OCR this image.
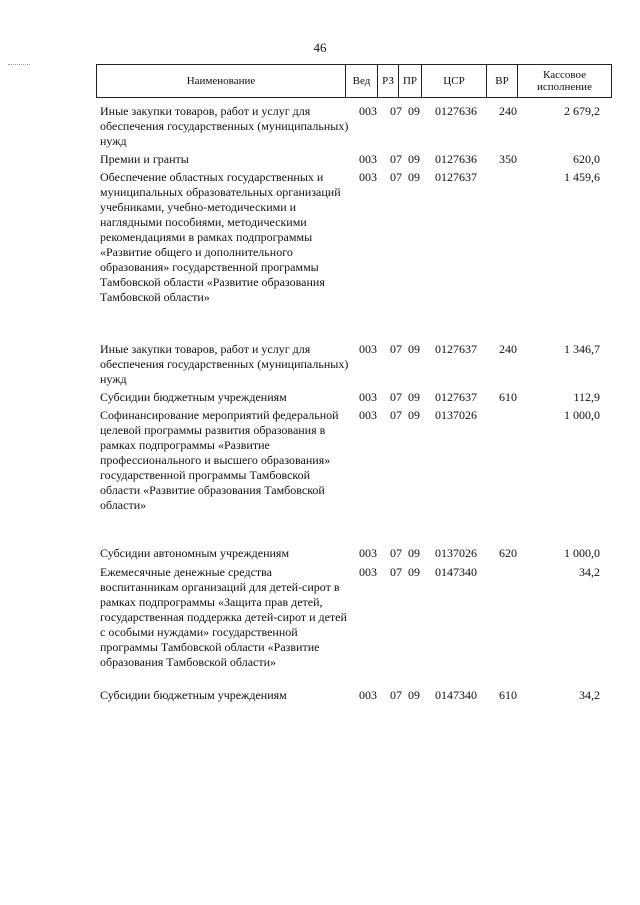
46
Наименование	Вед	РЗ ПР	ЦСР	ВР	Кассовое исполнение
Иные закупки товаров, работ и услуг для обеспечения государственных (муниципальных) нужд
003 07 09 0127636 240	2 679,2
Премии и гранты	003 07 09 0127636 350	620,0
Обеспечение областных государственных и муниципальных образовательных организаций учебниками, учебно-методическими и наглядными пособиями, методическими рекомендациями в рамках подпрограммы «Развитие общего и дополнительного образования» государственной программы Тамбовской области «Развитие образования Тамбовской области»
003 07 09 0127637	1 459,6
Иные закупки товаров, работ и услуг для обеспечения государственных (муниципальных) нужд
003 07 09 0127637 240	1 346,7
Субсидии бюджетным учреждениям	003 07 09 0127637 610	112,9
Софинансирование мероприятий федеральной целевой программы развития образования в рамках подпрограммы «Развитие профессионального и высшего образования» государственной программы Тамбовской области «Развитие образования Тамбовской области»
003 07 09 0137026	1 000,0
Субсидии автономным учреждениям	003 07 09 0137026 620	1 000,0
Ежемесячные денежные средства воспитанникам организаций для детей-сирот в рамках подпрограммы «Защита прав детей, государственная поддержка детей-сирот и детей с особыми нуждами» государственной программы Тамбовской области «Развитие образования Тамбовской области»
003 07 09 0147340	34,2
Субсидии бюджетным учреждениям	003 07 09 0147340 610	34,2
